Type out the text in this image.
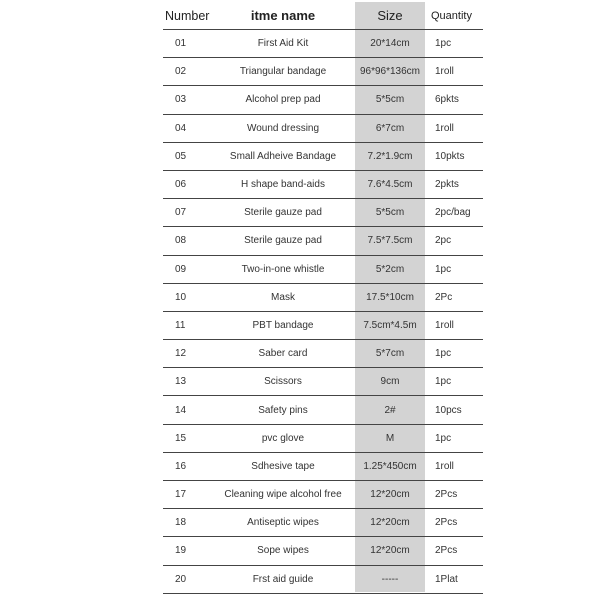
Number	itme name	Size	Quantity
01	First Aid Kit	20*14cm	1pc
02	Triangular bandage	96*96*136cm	1roll
03	Alcohol prep pad	5*5cm	6pkts
04	Wound dressing	6*7cm	1roll
05	Small Adheive Bandage	7.2*1.9cm	10pkts
06	H shape band-aids	7.6*4.5cm	2pkts
07	Sterile gauze pad	5*5cm	2pc/bag
08	Sterile gauze pad	7.5*7.5cm	2pc
09	Two-in-one whistle	5*2cm	1pc
10	Mask	17.5*10cm	2Pc
11	PBT bandage	7.5cm*4.5m	1roll
12	Saber card	5*7cm	1pc
13	Scissors	9cm	1pc
14	Safety pins	2#	10pcs
15	pvc glove	M	1pc
16	Sdhesive tape	1.25*450cm	1roll
17	Cleaning wipe alcohol free	12*20cm	2Pcs
18	Antiseptic wipes	12*20cm	2Pcs
19	Sope wipes	12*20cm	2Pcs
20	Frst aid guide	-----	1Plat
